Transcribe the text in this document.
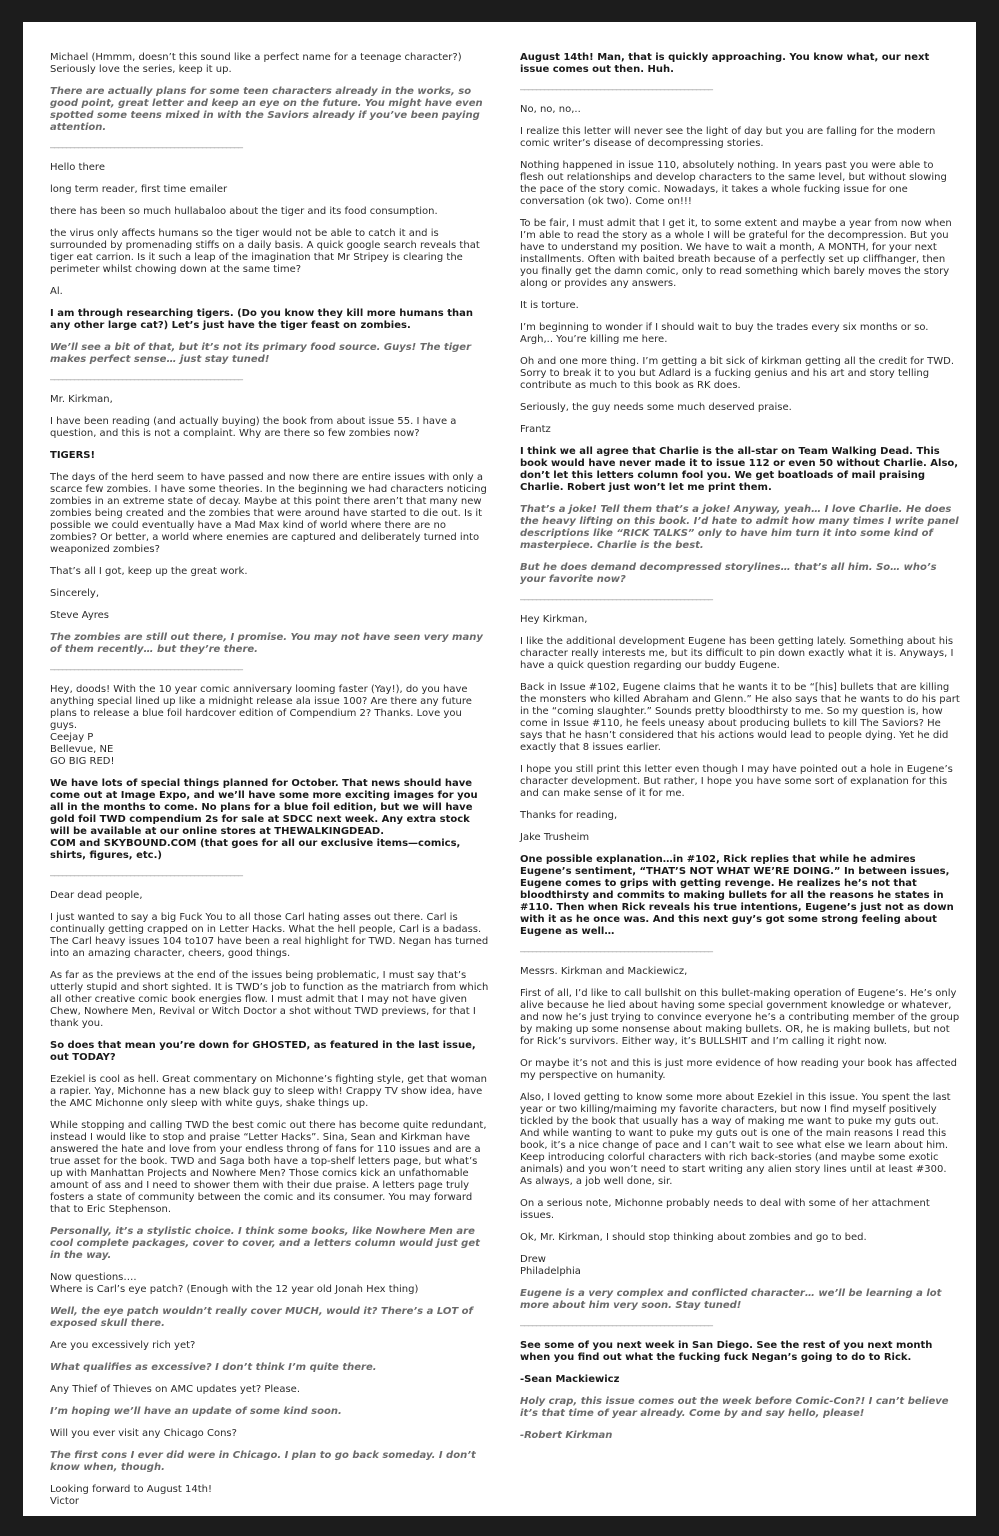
Michael (Hmmm, doesn’t this sound like a perfect name for a teenage character?) Seriously love the series, keep it up.
There are actually plans for some teen characters already in the works, so good point, great letter and keep an eye on the future. You might have even spotted some teens mixed in with the Saviors already if you’ve been paying attention.
________________________________________________
Hello there
long term reader, first time emailer
there has been so much hullabaloo about the tiger and its food consumption.
the virus only affects humans so the tiger would not be able to catch it and is surrounded by promenading stiffs on a daily basis. A quick google search reveals that tiger eat carrion. Is it such a leap of the imagination that Mr Stripey is clearing the perimeter whilst chowing down at the same time?
Al.
I am through researching tigers. (Do you know they kill more humans than any other large cat?) Let’s just have the tiger feast on zombies.
We’ll see a bit of that, but it’s not its primary food source. Guys! The tiger makes perfect sense… just stay tuned!
________________________________________________
Mr. Kirkman,
I have been reading (and actually buying) the book from about issue 55. I have a question, and this is not a complaint. Why are there so few zombies now?
TIGERS!
The days of the herd seem to have passed and now there are entire issues with only a scarce few zombies. I have some theories. In the beginning we had characters noticing zombies in an extreme state of decay. Maybe at this point there aren’t that many new zombies being created and the zombies that were around have started to die out. Is it possible we could eventually have a Mad Max kind of world where there are no zombies? Or better, a world where enemies are captured and deliberately turned into weaponized zombies?
That’s all I got, keep up the great work.
Sincerely,
Steve Ayres
The zombies are still out there, I promise. You may not have seen very many of them recently… but they’re there.
________________________________________________
Hey, doods! With the 10 year comic anniversary looming faster (Yay!), do you have anything special lined up like a midnight release ala issue 100? Are there any future plans to release a blue foil hardcover edition of Compendium 2? Thanks. Love you guys.
Ceejay P
Bellevue, NE
GO BIG RED!
We have lots of special things planned for October. That news should have come out at Image Expo, and we’ll have some more exciting images for you all in the months to come. No plans for a blue foil edition, but we will have gold foil TWD compendium 2s for sale at SDCC next week. Any extra stock will be available at our online stores at THEWALKINGDEAD.
COM and SKYBOUND.COM (that goes for all our exclusive items—comics, shirts, figures, etc.)
________________________________________________
Dear dead people,
I just wanted to say a big Fuck You to all those Carl hating asses out there. Carl is continually getting crapped on in Letter Hacks. What the hell people, Carl is a badass. The Carl heavy issues 104 to107 have been a real highlight for TWD. Negan has turned into an amazing character, cheers, good things.
As far as the previews at the end of the issues being problematic, I must say that’s utterly stupid and short sighted. It is TWD’s job to function as the matriarch from which all other creative comic book energies flow. I must admit that I may not have given Chew, Nowhere Men, Revival or Witch Doctor a shot without TWD previews, for that I thank you.
So does that mean you’re down for GHOSTED, as featured in the last issue, out TODAY?
Ezekiel is cool as hell. Great commentary on Michonne’s fighting style, get that woman a rapier. Yay, Michonne has a new black guy to sleep with! Crappy TV show idea, have the AMC Michonne only sleep with white guys, shake things up.
While stopping and calling TWD the best comic out there has become quite redundant, instead I would like to stop and praise “Letter Hacks”. Sina, Sean and Kirkman have answered the hate and love from your endless throng of fans for 110 issues and are a true asset for the book. TWD and Saga both have a top-shelf letters page, but what’s up with Manhattan Projects and Nowhere Men? Those comics kick an unfathomable amount of ass and I need to shower them with their due praise. A letters page truly fosters a state of community between the comic and its consumer. You may forward that to Eric Stephenson.
Personally, it’s a stylistic choice. I think some books, like Nowhere Men are cool complete packages, cover to cover, and a letters column would just get in the way.
Now questions….
Where is Carl’s eye patch? (Enough with the 12 year old Jonah Hex thing)
Well, the eye patch wouldn’t really cover MUCH, would it? There’s a LOT of exposed skull there.
Are you excessively rich yet?
What qualifies as excessive? I don’t think I’m quite there.
Any Thief of Thieves on AMC updates yet? Please.
I’m hoping we’ll have an update of some kind soon.
Will you ever visit any Chicago Cons?
The first cons I ever did were in Chicago. I plan to go back someday. I don’t know when, though.
Looking forward to August 14th!
Victor
August 14th! Man, that is quickly approaching. You know what, our next issue comes out then. Huh.
________________________________________________
No, no, no,..
I realize this letter will never see the light of day but you are falling for the modern comic writer’s disease of decompressing stories.
Nothing happened in issue 110, absolutely nothing. In years past you were able to flesh out relationships and develop characters to the same level, but without slowing the pace of the story comic. Nowadays, it takes a whole fucking issue for one conversation (ok two). Come on!!!
To be fair, I must admit that I get it, to some extent and maybe a year from now when I’m able to read the story as a whole I will be grateful for the decompression. But you have to understand my position. We have to wait a month, A MONTH, for your next installments. Often with baited breath because of a perfectly set up cliffhanger, then you finally get the damn comic, only to read something which barely moves the story along or provides any answers.
It is torture.
I’m beginning to wonder if I should wait to buy the trades every six months or so. Argh,.. You’re killing me here.
Oh and one more thing. I’m getting a bit sick of kirkman getting all the credit for TWD. Sorry to break it to you but Adlard is a fucking genius and his art and story telling contribute as much to this book as RK does.
Seriously, the guy needs some much deserved praise.
Frantz
I think we all agree that Charlie is the all-star on Team Walking Dead. This book would have never made it to issue 112 or even 50 without Charlie. Also, don’t let this letters column fool you. We get boatloads of mail praising Charlie. Robert just won’t let me print them.
That’s a joke! Tell them that’s a joke! Anyway, yeah… I love Charlie. He does the heavy lifting on this book. I’d hate to admit how many times I write panel descriptions like “RICK TALKS” only to have him turn it into some kind of masterpiece. Charlie is the best.
But he does demand decompressed storylines… that’s all him. So… who’s your favorite now?
________________________________________________
Hey Kirkman,
I like the additional development Eugene has been getting lately. Something about his character really interests me, but its difficult to pin down exactly what it is. Anyways, I have a quick question regarding our buddy Eugene.
Back in Issue #102, Eugene claims that he wants it to be “[his] bullets that are killing the monsters who killed Abraham and Glenn.” He also says that he wants to do his part in the “coming slaughter.” Sounds pretty bloodthirsty to me. So my question is, how come in Issue #110, he feels uneasy about producing bullets to kill The Saviors? He says that he hasn’t considered that his actions would lead to people dying. Yet he did exactly that 8 issues earlier.
I hope you still print this letter even though I may have pointed out a hole in Eugene’s character development. But rather, I hope you have some sort of explanation for this and can make sense of it for me.
Thanks for reading,
Jake Trusheim
One possible explanation…in #102, Rick replies that while he admires Eugene’s sentiment, “THAT’S NOT WHAT WE’RE DOING.” In between issues, Eugene comes to grips with getting revenge. He realizes he’s not that bloodthirsty and commits to making bullets for all the reasons he states in #110. Then when Rick reveals his true intentions, Eugene’s just not as down with it as he once was. And this next guy’s got some strong feeling about Eugene as well…
________________________________________________
Messrs. Kirkman and Mackiewicz,
First of all, I’d like to call bullshit on this bullet-making operation of Eugene’s. He’s only alive because he lied about having some special government knowledge or whatever, and now he’s just trying to convince everyone he’s a contributing member of the group by making up some nonsense about making bullets. OR, he is making bullets, but not for Rick’s survivors. Either way, it’s BULLSHIT and I’m calling it right now.
Or maybe it’s not and this is just more evidence of how reading your book has affected my perspective on humanity.
Also, I loved getting to know some more about Ezekiel in this issue. You spent the last year or two killing/maiming my favorite characters, but now I find myself positively tickled by the book that usually has a way of making me want to puke my guts out. And while wanting to want to puke my guts out is one of the main reasons I read this book, it’s a nice change of pace and I can’t wait to see what else we learn about him. Keep introducing colorful characters with rich back-stories (and maybe some exotic animals) and you won’t need to start writing any alien story lines until at least #300. As always, a job well done, sir.
On a serious note, Michonne probably needs to deal with some of her attachment issues.
Ok, Mr. Kirkman, I should stop thinking about zombies and go to bed.
Drew
Philadelphia
Eugene is a very complex and conflicted character… we’ll be learning a lot more about him very soon. Stay tuned!
________________________________________________
See some of you next week in San Diego. See the rest of you next month when you find out what the fucking fuck Negan’s going to do to Rick.
-Sean Mackiewicz
Holy crap, this issue comes out the week before Comic-Con?! I can’t believe it’s that time of year already. Come by and say hello, please!
-Robert Kirkman
